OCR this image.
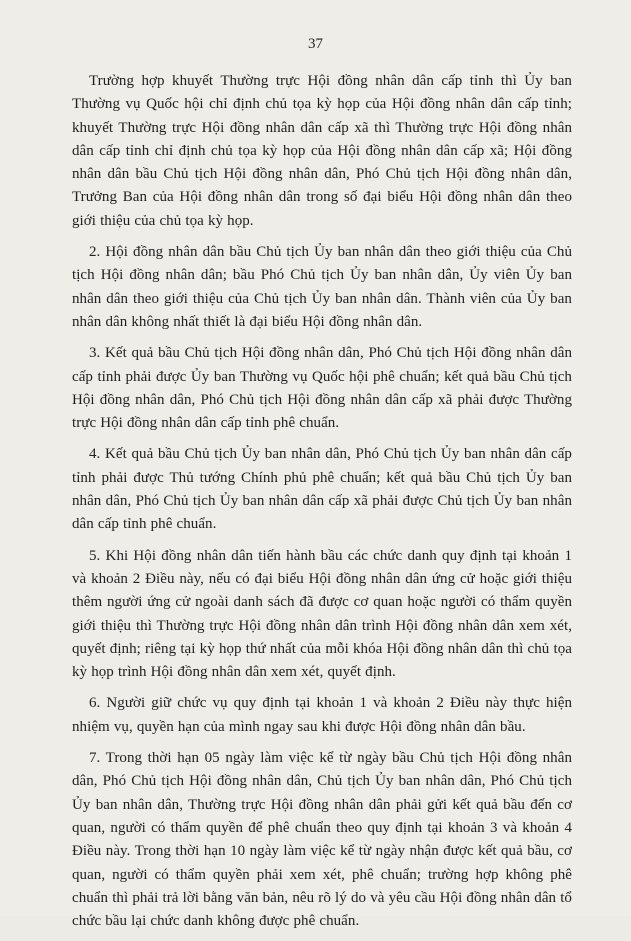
37

Trường hợp khuyết Thường trực Hội đồng nhân dân cấp tỉnh thì Ủy ban Thường vụ Quốc hội chỉ định chủ tọa kỳ họp của Hội đồng nhân dân cấp tỉnh; khuyết Thường trực Hội đồng nhân dân cấp xã thì Thường trực Hội đồng nhân dân cấp tỉnh chỉ định chủ tọa kỳ họp của Hội đồng nhân dân cấp xã; Hội đồng nhân dân bầu Chủ tịch Hội đồng nhân dân, Phó Chủ tịch Hội đồng nhân dân, Trưởng Ban của Hội đồng nhân dân trong số đại biểu Hội đồng nhân dân theo giới thiệu của chủ tọa kỳ họp.

2. Hội đồng nhân dân bầu Chủ tịch Ủy ban nhân dân theo giới thiệu của Chủ tịch Hội đồng nhân dân; bầu Phó Chủ tịch Ủy ban nhân dân, Ủy viên Ủy ban nhân dân theo giới thiệu của Chủ tịch Ủy ban nhân dân. Thành viên của Ủy ban nhân dân không nhất thiết là đại biểu Hội đồng nhân dân.

3. Kết quả bầu Chủ tịch Hội đồng nhân dân, Phó Chủ tịch Hội đồng nhân dân cấp tỉnh phải được Ủy ban Thường vụ Quốc hội phê chuẩn; kết quả bầu Chủ tịch Hội đồng nhân dân, Phó Chủ tịch Hội đồng nhân dân cấp xã phải được Thường trực Hội đồng nhân dân cấp tỉnh phê chuẩn.

4. Kết quả bầu Chủ tịch Ủy ban nhân dân, Phó Chủ tịch Ủy ban nhân dân cấp tỉnh phải được Thủ tướng Chính phủ phê chuẩn; kết quả bầu Chủ tịch Ủy ban nhân dân, Phó Chủ tịch Ủy ban nhân dân cấp xã phải được Chủ tịch Ủy ban nhân dân cấp tỉnh phê chuẩn.

5. Khi Hội đồng nhân dân tiến hành bầu các chức danh quy định tại khoản 1 và khoản 2 Điều này, nếu có đại biểu Hội đồng nhân dân ứng cử hoặc giới thiệu thêm người ứng cử ngoài danh sách đã được cơ quan hoặc người có thẩm quyền giới thiệu thì Thường trực Hội đồng nhân dân trình Hội đồng nhân dân xem xét, quyết định; riêng tại kỳ họp thứ nhất của mỗi khóa Hội đồng nhân dân thì chủ tọa kỳ họp trình Hội đồng nhân dân xem xét, quyết định.

6. Người giữ chức vụ quy định tại khoản 1 và khoản 2 Điều này thực hiện nhiệm vụ, quyền hạn của mình ngay sau khi được Hội đồng nhân dân bầu.

7. Trong thời hạn 05 ngày làm việc kể từ ngày bầu Chủ tịch Hội đồng nhân dân, Phó Chủ tịch Hội đồng nhân dân, Chủ tịch Ủy ban nhân dân, Phó Chủ tịch Ủy ban nhân dân, Thường trực Hội đồng nhân dân phải gửi kết quả bầu đến cơ quan, người có thẩm quyền để phê chuẩn theo quy định tại khoản 3 và khoản 4 Điều này. Trong thời hạn 10 ngày làm việc kể từ ngày nhận được kết quả bầu, cơ quan, người có thẩm quyền phải xem xét, phê chuẩn; trường hợp không phê chuẩn thì phải trả lời bằng văn bản, nêu rõ lý do và yêu cầu Hội đồng nhân dân tổ chức bầu lại chức danh không được phê chuẩn.
